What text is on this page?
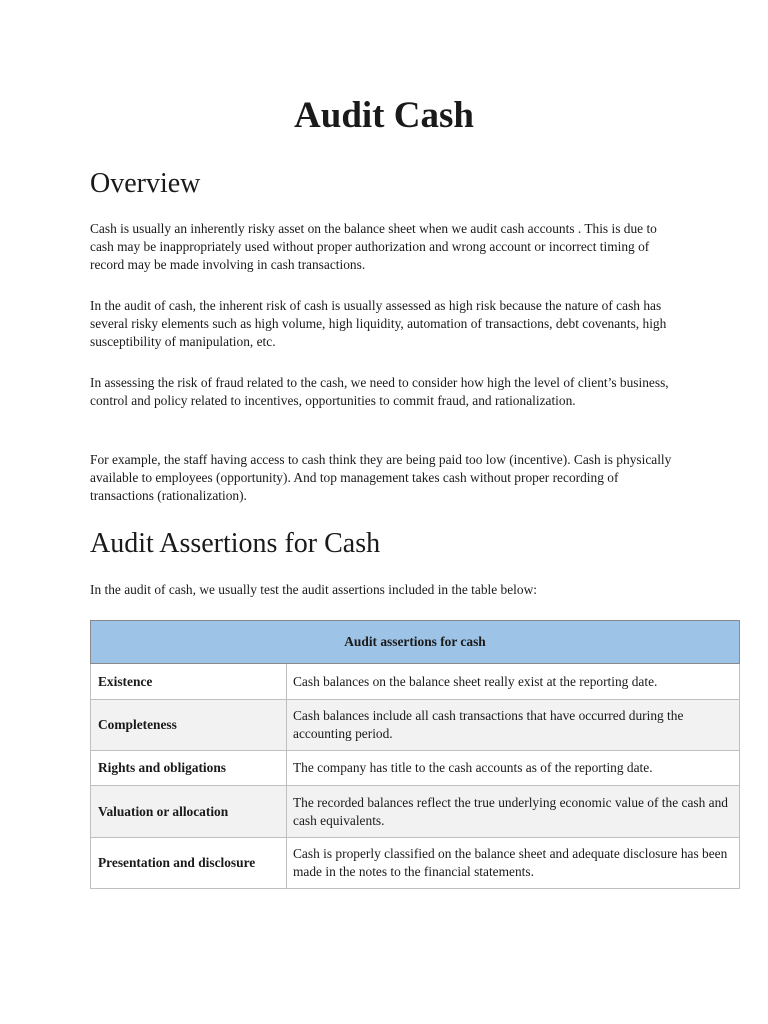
Audit Cash
Overview

Cash is usually an inherently risky asset on the balance sheet when we audit cash accounts . This is due to cash may be inappropriately used without proper authorization and wrong account or incorrect timing of record may be made involving in cash transactions.

In the audit of cash, the inherent risk of cash is usually assessed as high risk because the nature of cash has several risky elements such as high volume, high liquidity, automation of transactions, debt covenants, high susceptibility of manipulation, etc.

In assessing the risk of fraud related to the cash, we need to consider how high the level of client’s business, control and policy related to incentives, opportunities to commit fraud, and rationalization.

For example, the staff having access to cash think they are being paid too low (incentive). Cash is physically available to employees (opportunity). And top management takes cash without proper recording of transactions (rationalization).

Audit Assertions for Cash

In the audit of cash, we usually test the audit assertions included in the table below:

Audit assertions for cash	
Existence	Cash balances on the balance sheet really exist at the reporting date.
Completeness	Cash balances include all cash transactions that have occurred during the accounting period.
Rights and obligations	The company has title to the cash accounts as of the reporting date.
Valuation or allocation	The recorded balances reflect the true underlying economic value of the cash and cash equivalents.
Presentation and disclosure	Cash is properly classified on the balance sheet and adequate disclosure has been made in the notes to the financial statements.
